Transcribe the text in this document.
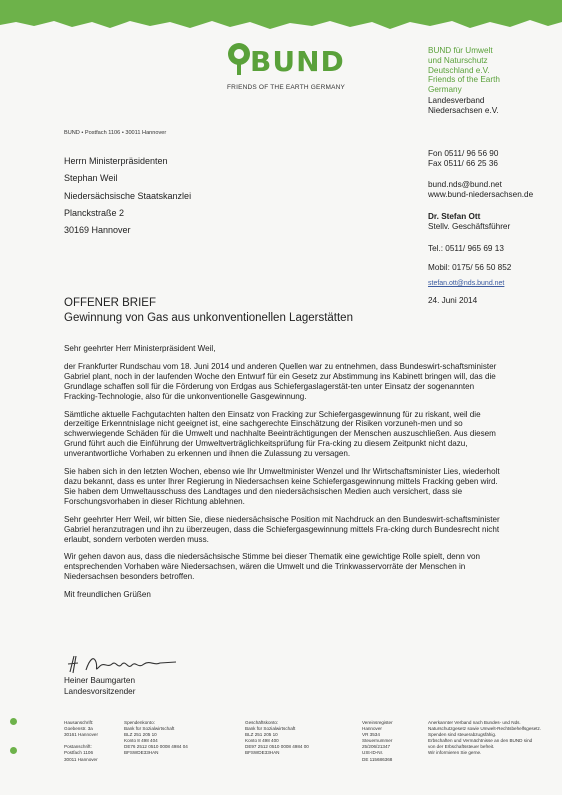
BUND
FRIENDS OF THE EARTH GERMANY
BUND für Umwelt
und Naturschutz
Deutschland e.V.
Friends of the Earth
Germany
Landesverband
Niedersachsen e.V.
Fon 0511/ 96 56 90
Fax 0511/ 66 25 36
bund.nds@bund.net
www.bund-niedersachsen.de
Dr. Stefan Ott
Stellv. Geschäftsführer
Tel.: 0511/ 965 69 13
Mobil: 0175/ 56 50 852
stefan.ott@nds.bund.net
24. Juni 2014
BUND • Postfach 1106 • 30011 Hannover
Herrn Ministerpräsidenten
Stephan Weil
Niedersächsische Staatskanzlei
Planckstraße 2
30169 Hannover
OFFENER BRIEF
Gewinnung von Gas aus unkonventionellen Lagerstätten

Sehr geehrter Herr Ministerpräsident Weil,

der Frankfurter Rundschau vom 18. Juni 2014 und anderen Quellen war zu entnehmen, dass Bundeswirt-schaftsminister Gabriel plant, noch in der laufenden Woche den Entwurf für ein Gesetz zur Abstimmung ins Kabinett bringen will, das die Grundlage schaffen soll für die Förderung von Erdgas aus Schiefergaslagerstät-ten unter Einsatz der sogenannten Fracking-Technologie, also für die unkonventionelle Gasgewinnung.

Sämtliche aktuelle Fachgutachten halten den Einsatz von Fracking zur Schiefergasgewinnung für zu riskant, weil die derzeitige Erkenntnislage nicht geeignet ist, eine sachgerechte Einschätzung der Risiken vorzuneh-men und so schwerwiegende Schäden für die Umwelt und nachhalte Beeinträchtigungen der Menschen auszuschließen. Aus diesem Grund führt auch die Einführung der Umweltverträglichkeitsprüfung für Fra-cking zu diesem Zeitpunkt nicht dazu, unverantwortliche Vorhaben zu erkennen und ihnen die Zulassung zu versagen.

Sie haben sich in den letzten Wochen, ebenso wie Ihr Umweltminister Wenzel und Ihr Wirtschaftsminister Lies, wiederholt dazu bekannt, dass es unter Ihrer Regierung in Niedersachsen keine Schiefergasgewinnung mittels Fracking geben wird. Sie haben dem Umweltausschuss des Landtages und den niedersächsischen Medien auch versichert, dass sie Forschungsvorhaben in dieser Richtung ablehnen.

Sehr geehrter Herr Weil, wir bitten Sie, diese niedersächsische Position mit Nachdruck an den Bundeswirt-schaftsminister Gabriel heranzutragen und ihn zu überzeugen, dass die Schiefergasgewinnung mittels Fra-cking durch Bundesrecht nicht erlaubt, sondern verboten werden muss.

Wir gehen davon aus, dass die niedersächsische Stimme bei dieser Thematik eine gewichtige Rolle spielt, denn von entsprechenden Vorhaben wäre Niedersachsen, wären die Umwelt und die Trinkwasservorräte der Menschen in Niedersachsen besonders betroffen.

Mit freundlichen Grüßen

Heiner Baumgarten
Landesvorsitzender
Hausanschrift:
Goebenstr. 3a
30161 Hannover

Postanschrift:
Postfach 1106
30011 Hannover
Spendenkonto:
Bank für Sozialwirtschaft
BLZ 251 205 10
Konto 8 498 404
DE76 2512 0510 0008 4984 04
BFSWDE33HAN
Geschäftskonto:
Bank für Sozialwirtschaft
BLZ 251 205 10
Konto 8 498 400
DE97 2512 0510 0008 4984 00
BFSWDE33HAN
Vereinsregister
Hannover
VR 3534
Steuernummer
25/206/21347
USt-ID-Nr.
DE 115686368
Anerkannter Verband nach Bundes- und Nds.
Naturschutzgesetz sowie Umwelt-Rechtsbehelfsgesetz.
Spenden sind steuerabzugsfähig.
Erbschaften und Vermächtnisse an den BUND sind
von der Erbschaftssteuer befreit.
Wir informieren Sie gerne.
